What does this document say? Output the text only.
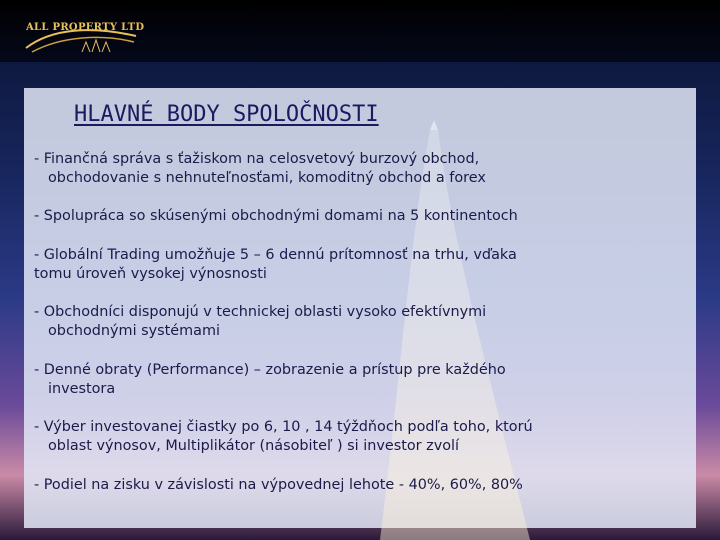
ALL PROPERTY LTD
HLAVNÉ BODY SPOLOČNOSTI
- Finančná správa s ťažiskom na celosvetový burzový obchod,
obchodovanie s nehnuteľnosťami, komoditný obchod a forex
- Spolupráca so skúsenými obchodnými domami na 5 kontinentoch
- Globální Trading umožňuje 5 – 6 dennú prítomnosť na trhu, vďaka
tomu úroveň vysokej výnosnosti
- Obchodníci disponujú v technickej oblasti vysoko efektívnymi
obchodnými systémami
- Denné obraty (Performance) – zobrazenie a prístup pre každého
investora
- Výber investovanej čiastky po 6, 10 , 14 týždňoch podľa toho, ktorú
oblast výnosov, Multiplikátor (násobiteľ ) si investor zvolí
- Podiel na zisku v závislosti na výpovednej lehote - 40%, 60%, 80%
